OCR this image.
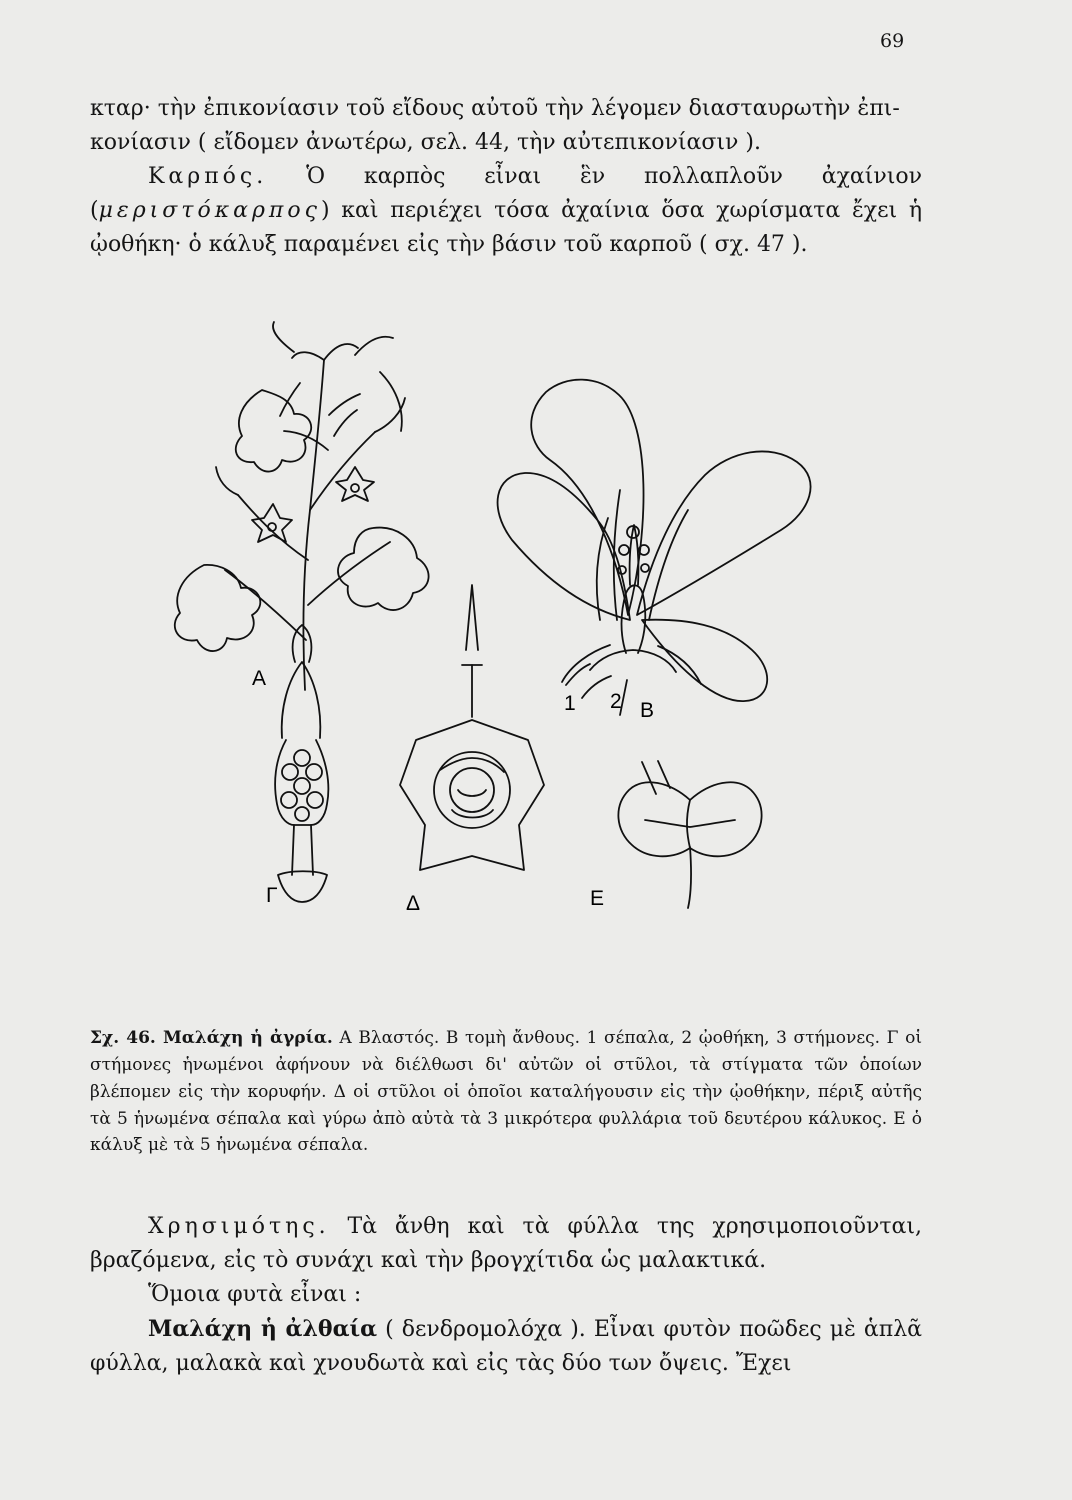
69

κταρ· τὴν ἐπικονίασιν τοῦ εἴδους αὐτοῦ τὴν λέγομεν διασταυρωτὴν ἐπι-

κονίασιν ( εἴδομεν ἀνωτέρω, σελ. 44, τὴν αὐτεπικονίασιν ).

Καρπός. Ὁ καρπὸς εἶναι ἓν πολλαπλοῦν ἀχαίνιον (μεριστόκαρπος) καὶ περιέχει τόσα ἀχαίνια ὅσα χωρίσματα ἔχει ἡ ᾠοθήκη· ὁ κάλυξ παραμένει εἰς τὴν βάσιν τοῦ καρποῦ ( σχ. 47 ).

Α
Β
1 2
Γ	Δ	Ε
Σχ. 46. Μαλάχη ἡ ἀγρία. Α Βλαστός. Β τομὴ ἄνθους. 1 σέπαλα, 2 ᾠοθήκη, 3 στήμονες. Γ οἱ στήμονες ἡνωμένοι ἀφήνουν νὰ διέλθωσι δι' αὐτῶν οἱ στῦλοι, τὰ στίγματα τῶν ὁποίων βλέπομεν εἰς τὴν κορυφήν. Δ οἱ στῦλοι οἱ ὁποῖοι καταλήγουσιν εἰς τὴν ᾠοθήκην, πέριξ αὐτῆς τὰ 5 ἡνωμένα σέπαλα καὶ γύρω ἀπὸ αὐτὰ τὰ 3 μικρότερα φυλλάρια τοῦ δευτέρου κάλυκος. Ε ὁ κάλυξ μὲ τὰ 5 ἡνωμένα σέπαλα.

Χρησιμότης. Τὰ ἄνθη καὶ τὰ φύλλα της χρησιμοποιοῦνται, βραζόμενα, εἰς τὸ συνάχι καὶ τὴν βρογχίτιδα ὡς μαλακτικά.

Ὅμοια φυτὰ εἶναι :

Μαλάχη ἡ ἀλθαία ( δενδρομολόχα ). Εἶναι φυτὸν ποῶδες μὲ ἁπλᾶ φύλλα, μαλακὰ καὶ χνουδωτὰ καὶ εἰς τὰς δύο των ὄψεις. Ἔχει
